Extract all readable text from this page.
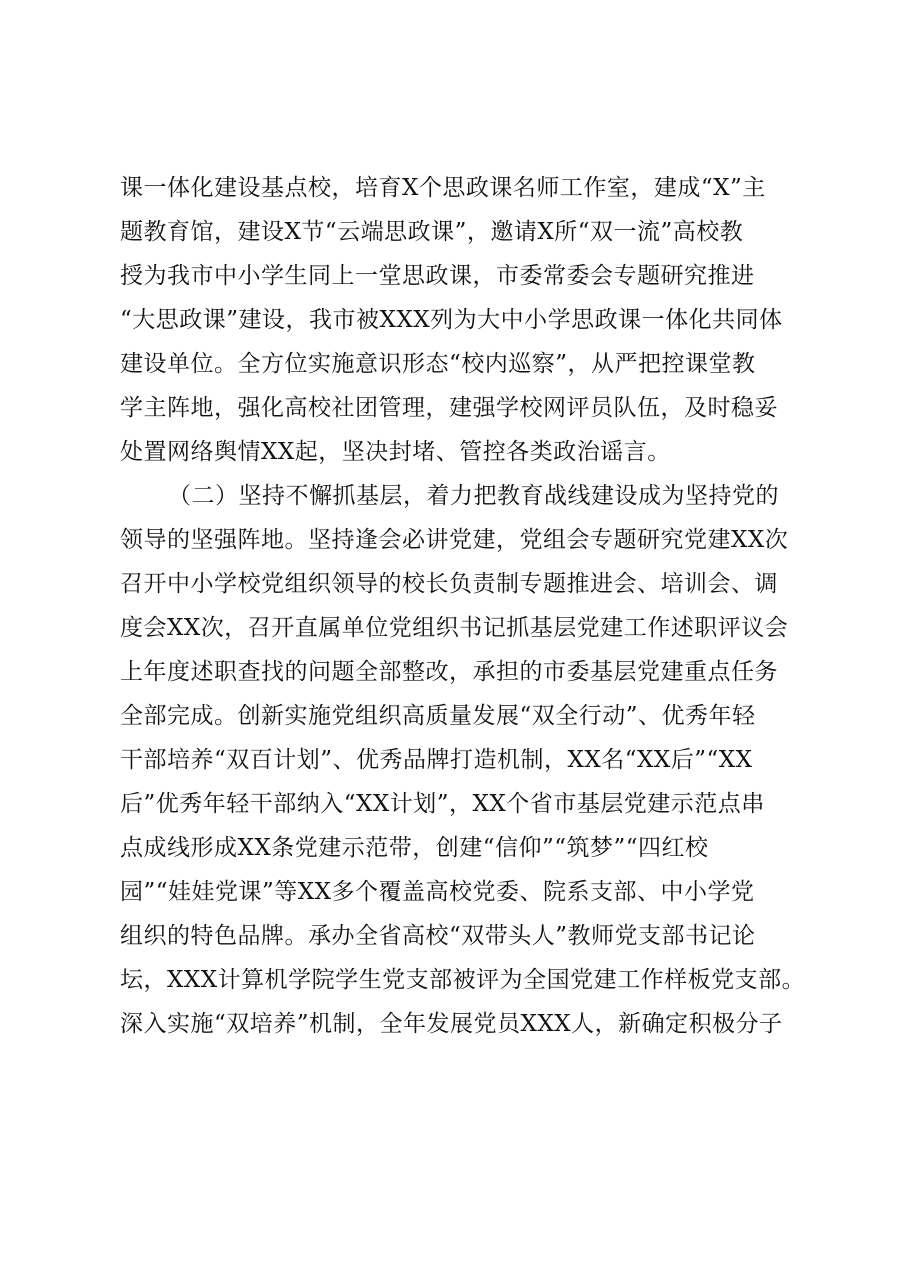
课一体化建设基点校，培育X个思政课名师工作室，建成“X”主
题教育馆，建设X节“云端思政课”，邀请X所“双一流”高校教
授为我市中小学生同上一堂思政课，市委常委会专题研究推进
“大思政课”建设，我市被XXX列为大中小学思政课一体化共同体
建设单位。全方位实施意识形态“校内巡察”，从严把控课堂教
学主阵地，强化高校社团管理，建强学校网评员队伍，及时稳妥
处置网络舆情XX起，坚决封堵、管控各类政治谣言。
（二）坚持不懈抓基层，着力把教育战线建设成为坚持党的
领导的坚强阵地。坚持逢会必讲党建，党组会专题研究党建XX次
召开中小学校党组织领导的校长负责制专题推进会、培训会、调
度会XX次，召开直属单位党组织书记抓基层党建工作述职评议会
上年度述职查找的问题全部整改，承担的市委基层党建重点任务
全部完成。创新实施党组织高质量发展“双全行动”、优秀年轻
干部培养“双百计划”、优秀品牌打造机制，XX名“XX后”“XX
后”优秀年轻干部纳入“XX计划”，XX个省市基层党建示范点串
点成线形成XX条党建示范带，创建“信仰”“筑梦”“四红校
园”“娃娃党课”等XX多个覆盖高校党委、院系支部、中小学党
组织的特色品牌。承办全省高校“双带头人”教师党支部书记论
坛，XXX计算机学院学生党支部被评为全国党建工作样板党支部。
深入实施“双培养”机制，全年发展党员XXX人，新确定积极分子
